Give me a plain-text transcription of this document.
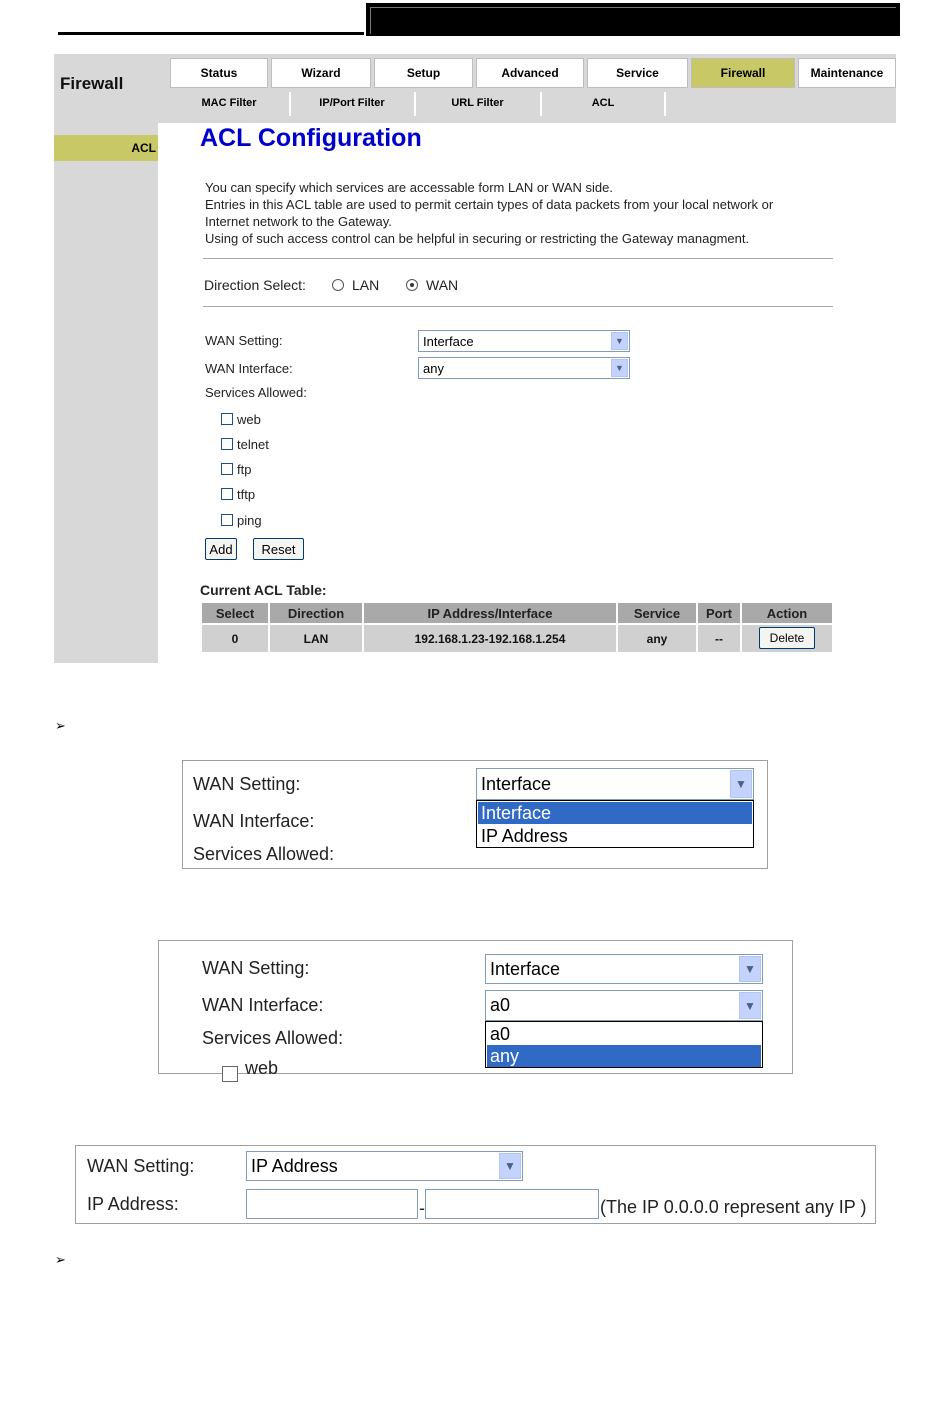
Firewall
Status	Wizard	Setup	Advanced	Service	Firewall	Maintenance
MAC Filter	IP/Port Filter	URL Filter	ACL
ACL ACL Configuration
You can specify which services are accessable form LAN or WAN side.
Entries in this ACL table are used to permit certain types of data packets from your local network or
Internet network to the Gateway.
Using of such access control can be helpful in securing or restricting the Gateway managment.
Direction Select:	LAN	WAN
WAN Setting:	Interface	▼
WAN Interface:	any	▼
Services Allowed:
web
telnet
ftp
tftp
ping
Add	Reset
Current ACL Table:
Select	Direction	IP Address/Interface	Service	Port	Action
0	LAN	192.168.1.23-192.168.1.254	any	--	Delete
➢
WAN Setting:	Interface	▼
WAN Interface:
Services Allowed:
Interface
IP Address
WAN Setting:	Interface	▼
WAN Interface:	a0	▼
Services Allowed:	a0
any
web
WAN Setting:	IP Address	▼
IP Address:	-	(The IP 0.0.0.0 represent any IP )
➢
